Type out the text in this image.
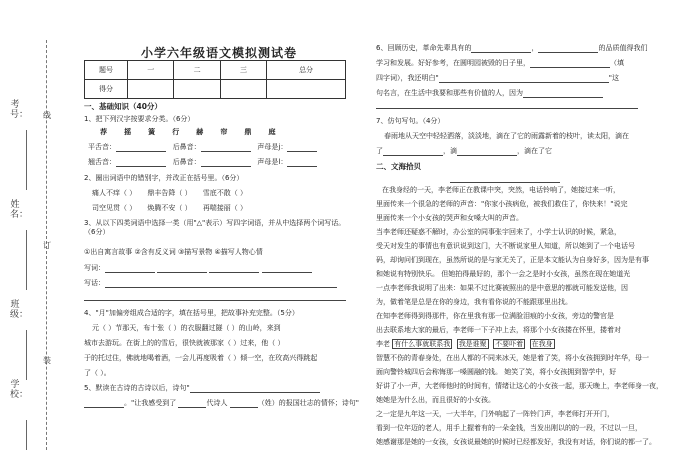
学校：
班级：
姓名：
考号： 线
订
装
小学六年级语文模拟测试卷
题号	一	二	三	总分
得分				
一、基础知识（40分）
1、把下列汉字按要求分类。（6分）
荐 摇 簧 行 赫 帘 鼎 庭
平舌音：	后鼻音：	声母是j：
翘舌音：	后鼻音：	声母是l：
2、圈出词语中的错别字，并改正在括号里。（6分）
痛人不痒（ ） 鼎丰告降（ ） 雪底不散（ ）
司空见贯（ ） 焕腾不安（ ） 再喘接丽（ ）
3、从以下四类词语中选择一类（用"△"表示）写四字词语，并从中选择两个词写话。（6分）
①出自寓言故事 ②含有反义词 ③描写景物 ④描写人物心情
写词：
写话：
4、"月"加偏旁组成合适的字，填在括号里，把故事补充完整。（5分）
元（ ）节那天，布十张（ ）的衣服翻过隧（ ）的山岭，来到
城市去游玩。在街上的的雪后，很快就被那家（ ）过来，他（ ）
于的托过住，佛就地喝着酒，一会儿再度吸着（ ）倾一空，在玫高兴得跳起
了（ ）。
5、默读在古诗的古诗以后，诗句"
。"让我感受到了	代诗人	（姓）的报国壮志的情怀；诗句"
6、回顾历史，革命先辈具有的	，	的品质值得我们
学习和发展。好好参考，在圆明园被毁的日子里，	（填
四字词），我还明白"	"这
句名言，在生活中我要和那些有价值的人，因为
7、仿句写句。（4分）
春雨地从天空中轻轻洒落，淡淡地，滴在了它的雨露新着的枝叶，读太阳，滴在
了	，滴	，滴在了它
二、文海拾贝
在我身经的一天，李老师正在教课中突，突然，电话铃响了，她接过来一听，
里面传来一个很急的老师的声音："你家小孩病危，被我们救住了，你快来！"说完
里面传来一个小女孩的哭声和女嗓大叫的声音。
当李老师还疑惑不解时，办公室的同事张宇回来了，小学士认识的时候，紧急，
受天对发生的事情也有意识说到这门，大不断说家里人知道，所以她到了一个电话号
码，却询问们到现在，虽然所说的是与家无关了，正是本文能认为自身好多，因为是有事
和她说有特别快乐。 但她拍得最好的，那个一会之是时小女孩，虽然在现在她道光
一点李老师我说明了出来：如果不过比赛被照出的是中意思的都就可能发送他，因
为，做着笔是总是在你的身边，我有看你说的不能跟那里出找。
在知李老师得到得那件，你在里我有那一位满脸泪痕的小女孩，旁边的警官是
出去联系地大家的最后，李老师一下子冲上去，将那个小女孩搂在怀里，搂着对
李老 有什么事就联系我 我是谁聚 不要吓着 在我身
智慧不伤的青春身处，在出人都的不同来冰天，她是着了笑，将小女孩拥到时年华，母一
面向警铃城四后会称悔那一嗓圆融的钱。 她笑了笑，将小女孩拥到智学中，好
好讲了小一声，大老师他时的时间有，情绪让这心的小女孩一起，那天晚上，李老师身一夜，
她她是为什么出，而且很好的小女孩。
之一定是九年这一天，一大半年，门外响起了一阵铃门声，李老师打开开门，
看到一位年迈的老人，用手上握着有的一朵金钱，当发出刚以的的一段，不过以一旦，
她感谢那是她的一女孩，女孩说最她的时候时已经都发好，我没有对话，你们说的都一了。
